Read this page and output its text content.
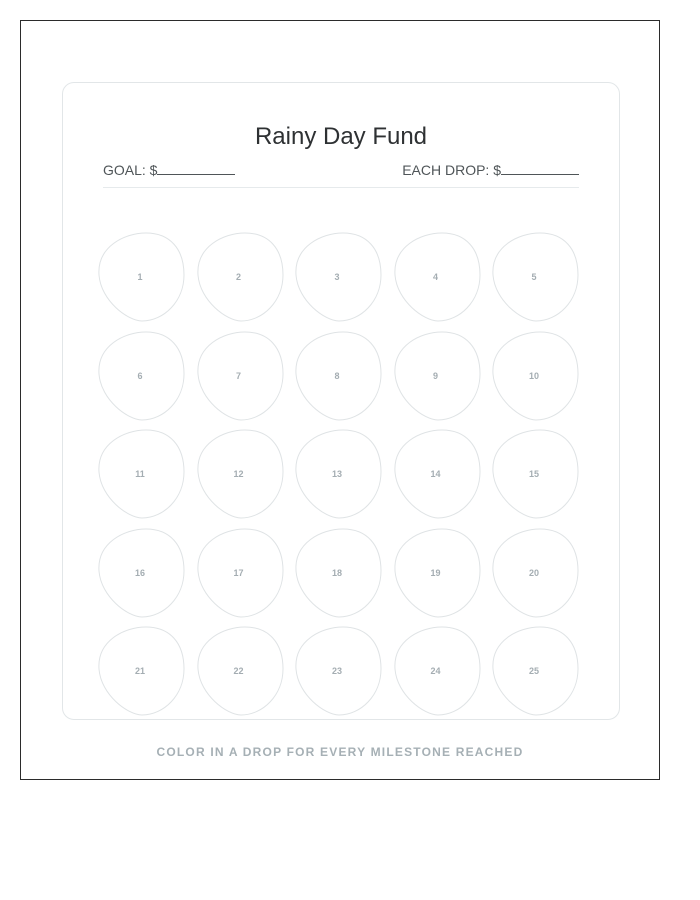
Rainy Day Fund
GOAL: $	EACH DROP: $
1	2	3	4	5
6	7	8	9	10
11	12	13	14	15
16	17	18	19	20
21	22	23	24	25
COLOR IN A DROP FOR EVERY MILESTONE REACHED
